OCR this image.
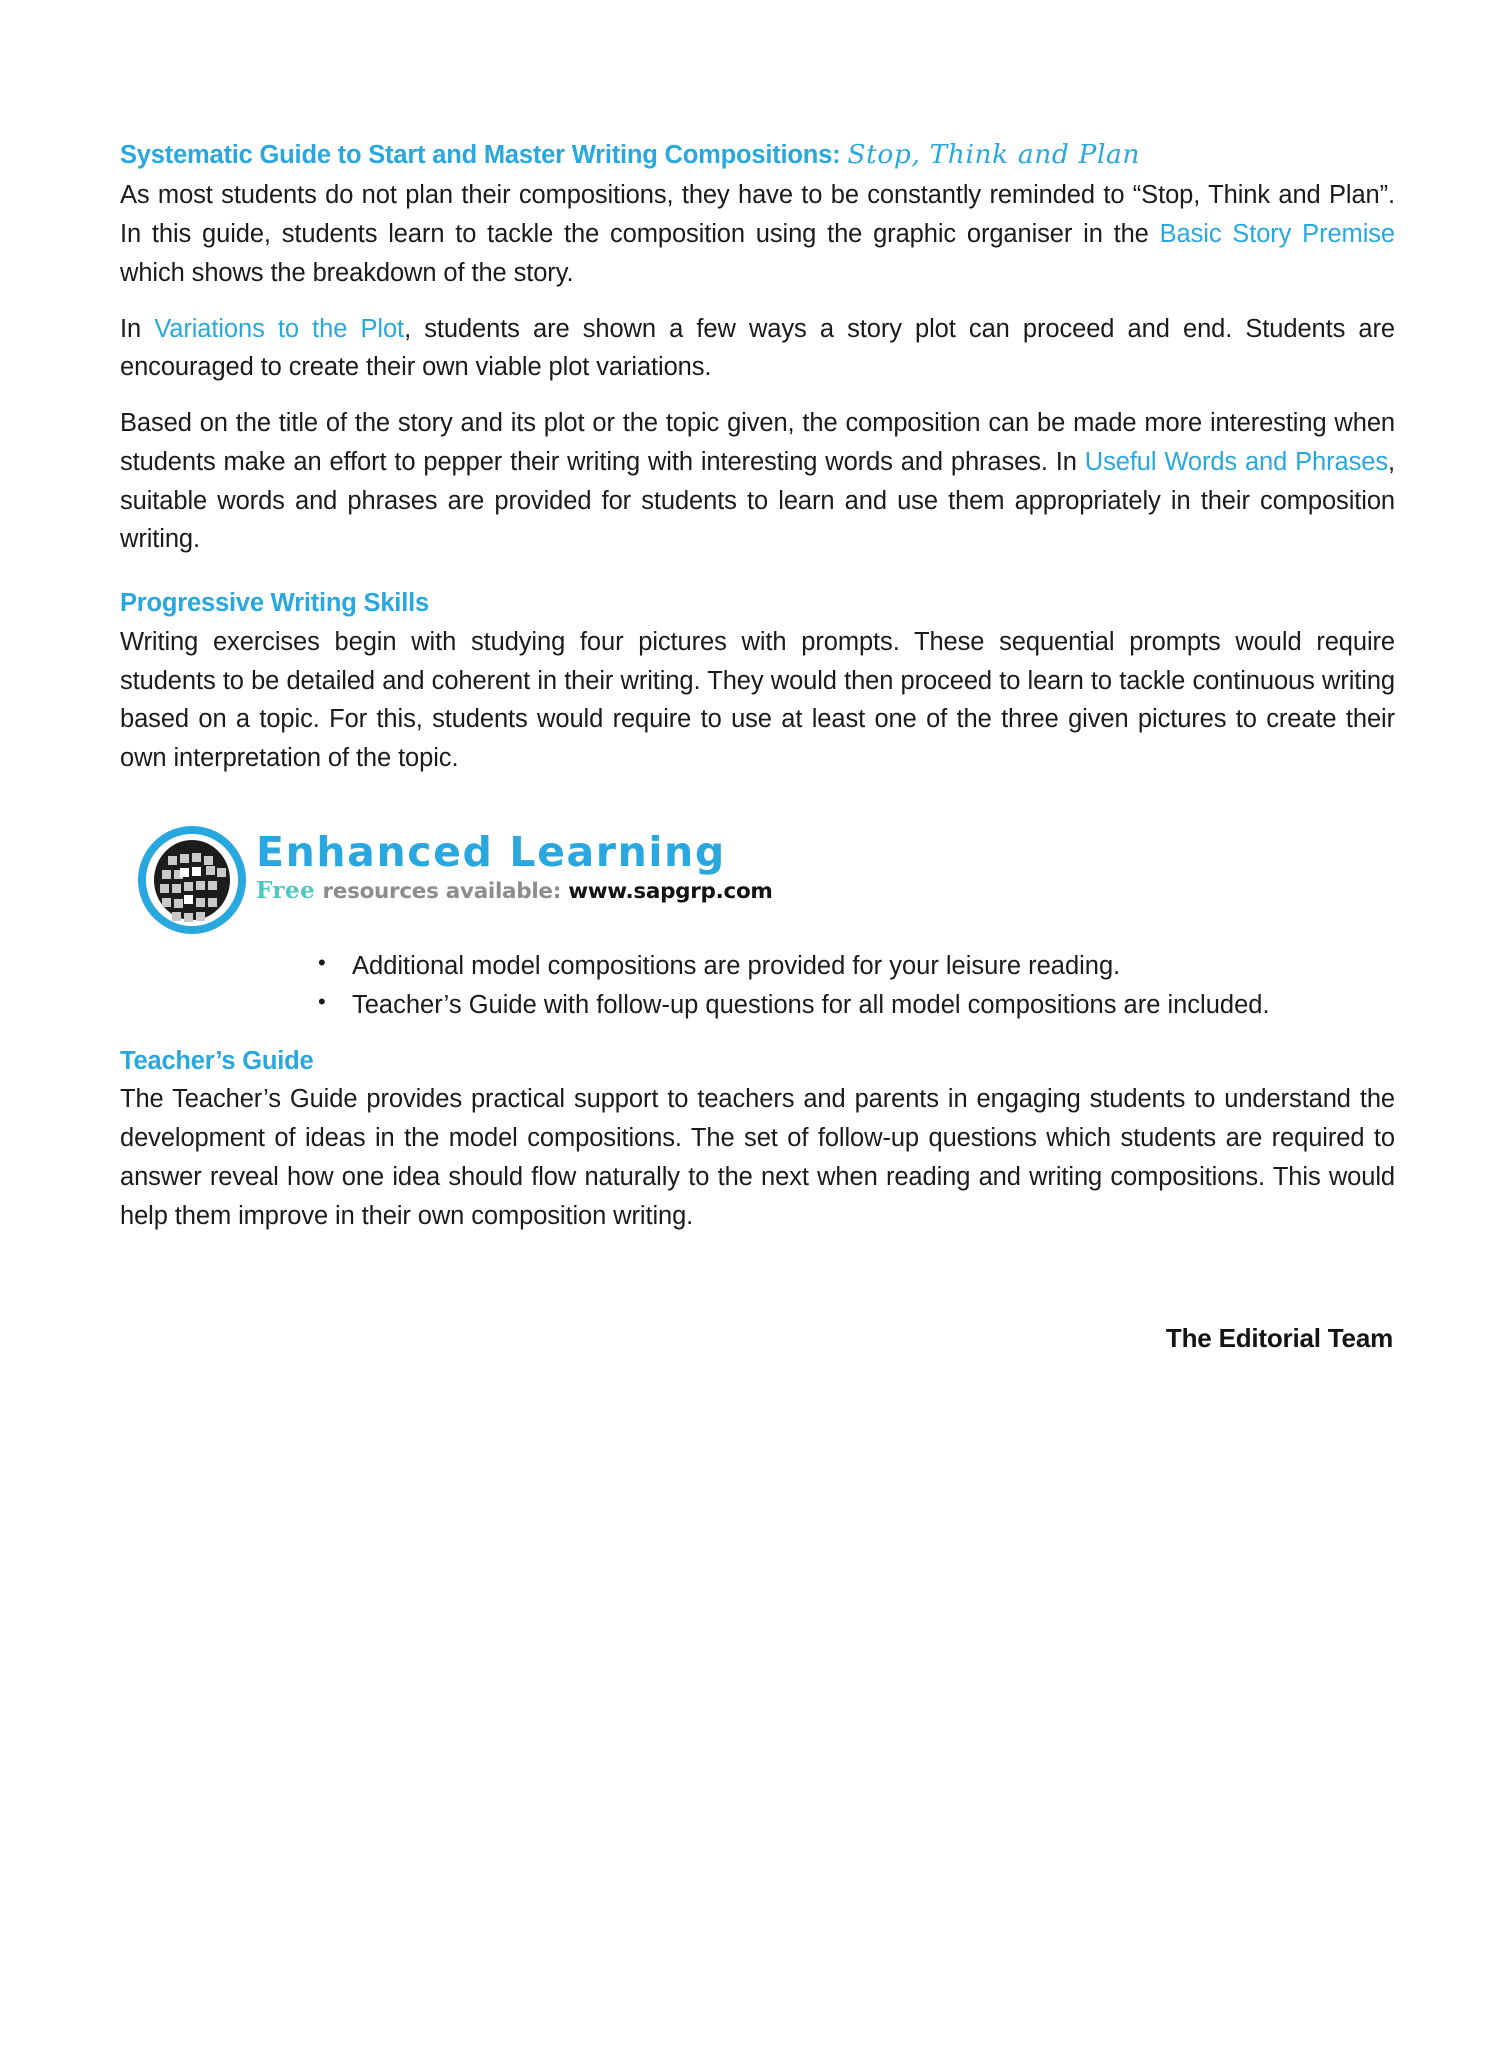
Systematic Guide to Start and Master Writing Compositions: Stop, Think and Plan

As most students do not plan their compositions, they have to be constantly reminded to “Stop, Think and Plan”. In this guide, students learn to tackle the composition using the graphic organiser in the Basic Story Premise which shows the breakdown of the story.

In Variations to the Plot, students are shown a few ways a story plot can proceed and end. Students are encouraged to create their own viable plot variations.

Based on the title of the story and its plot or the topic given, the composition can be made more interesting when students make an effort to pepper their writing with interesting words and phrases. In Useful Words and Phrases, suitable words and phrases are provided for students to learn and use them appropriately in their composition writing.

Progressive Writing Skills

Writing exercises begin with studying four pictures with prompts. These sequential prompts would require students to be detailed and coherent in their writing. They would then proceed to learn to tackle continuous writing based on a topic. For this, students would require to use at least one of the three given pictures to create their own interpretation of the topic.

Enhanced Learning
Free resources available: www.sapgrp.com
• Additional model compositions are provided for your leisure reading.
• Teacher’s Guide with follow-up questions for all model compositions are included.
Teacher’s Guide

The Teacher’s Guide provides practical support to teachers and parents in engaging students to understand the development of ideas in the model compositions. The set of follow-up questions which students are required to answer reveal how one idea should flow naturally to the next when reading and writing compositions. This would help them improve in their own composition writing.

The Editorial Team
